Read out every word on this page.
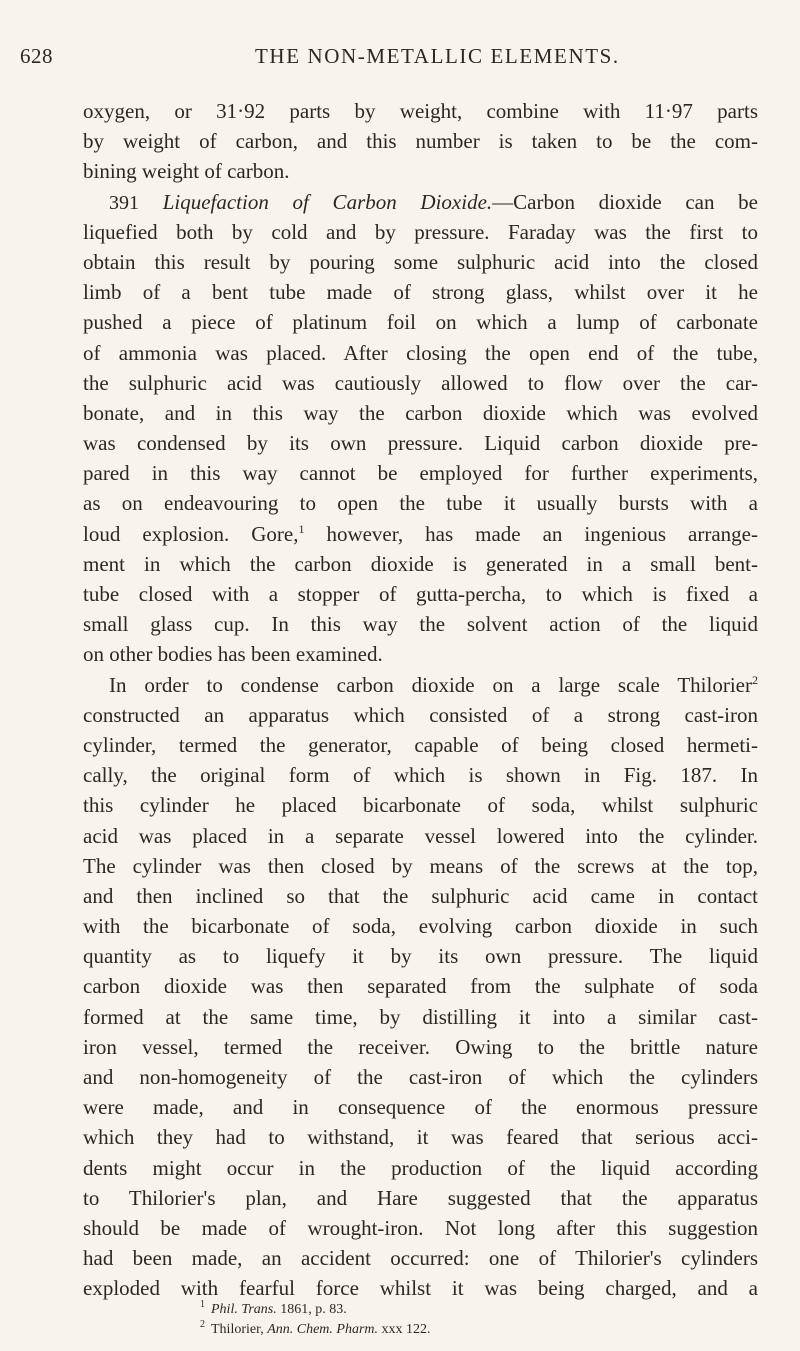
628	THE NON-METALLIC ELEMENTS.
oxygen, or 31·92 parts by weight, combine with 11·97 parts
by weight of carbon, and this number is taken to be the com-
bining weight of carbon.
391 Liquefaction of Carbon Dioxide.—Carbon dioxide can be
liquefied both by cold and by pressure. Faraday was the first to
obtain this result by pouring some sulphuric acid into the closed
limb of a bent tube made of strong glass, whilst over it he
pushed a piece of platinum foil on which a lump of carbonate
of ammonia was placed. After closing the open end of the tube,
the sulphuric acid was cautiously allowed to flow over the car-
bonate, and in this way the carbon dioxide which was evolved
was condensed by its own pressure. Liquid carbon dioxide pre-
pared in this way cannot be employed for further experiments,
as on endeavouring to open the tube it usually bursts with a
loud explosion. Gore,$^1$ however, has made an ingenious arrange-
ment in which the carbon dioxide is generated in a small bent-
tube closed with a stopper of gutta-percha, to which is fixed a
small glass cup. In this way the solvent action of the liquid
on other bodies has been examined.
In order to condense carbon dioxide on a large scale Thilorier$^2$
constructed an apparatus which consisted of a strong cast-iron
cylinder, termed the generator, capable of being closed hermeti-
cally, the original form of which is shown in Fig. 187. In
this cylinder he placed bicarbonate of soda, whilst sulphuric
acid was placed in a separate vessel lowered into the cylinder.
The cylinder was then closed by means of the screws at the top,
and then inclined so that the sulphuric acid came in contact
with the bicarbonate of soda, evolving carbon dioxide in such
quantity as to liquefy it by its own pressure. The liquid
carbon dioxide was then separated from the sulphate of soda
formed at the same time, by distilling it into a similar cast-
iron vessel, termed the receiver. Owing to the brittle nature
and non-homogeneity of the cast-iron of which the cylinders
were made, and in consequence of the enormous pressure
which they had to withstand, it was feared that serious acci-
dents might occur in the production of the liquid according
to Thilorier's plan, and Hare suggested that the apparatus
should be made of wrought-iron. Not long after this suggestion
had been made, an accident occurred: one of Thilorier's cylinders
exploded with fearful force whilst it was being charged, and a
$^1$ Phil. Trans. 1861, p. 83.
$^2$ Thilorier, Ann. Chem. Pharm. xxx 122.
